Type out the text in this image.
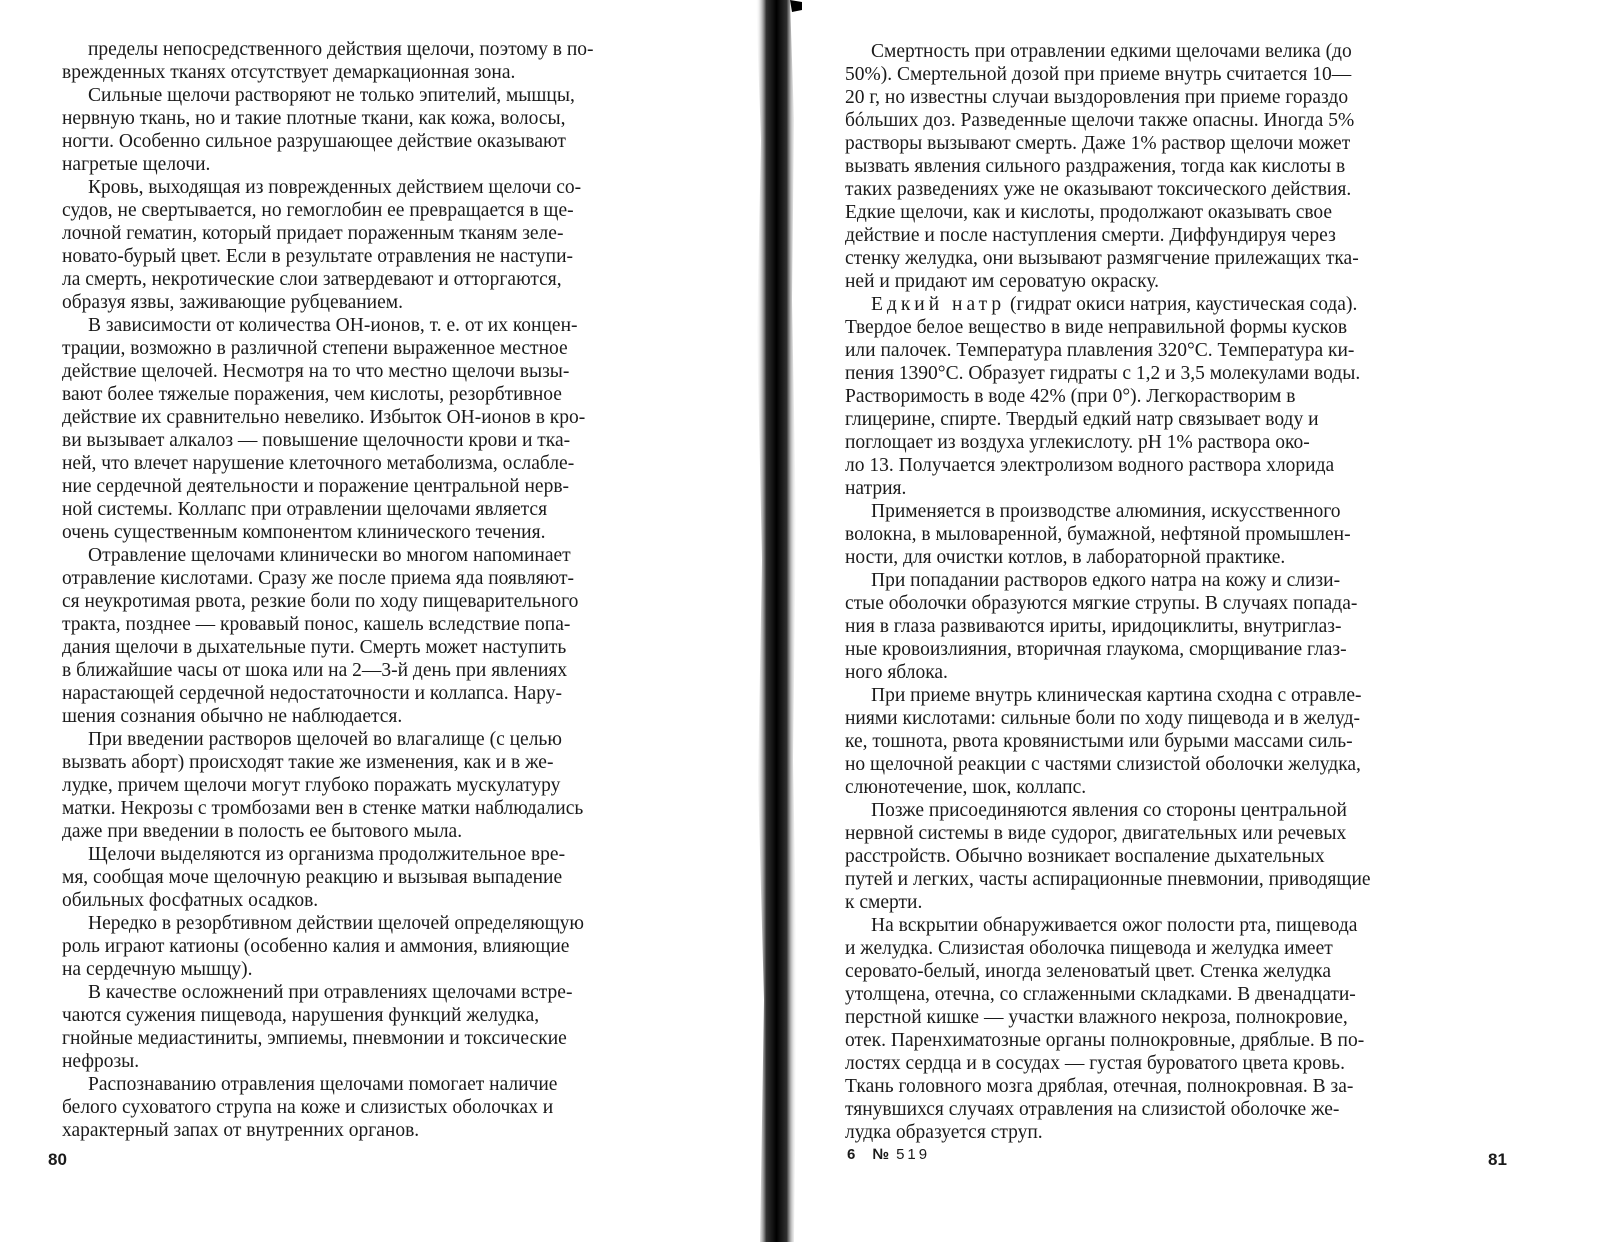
пределы непосредственного действия щелочи, поэтому в по-
врежденных тканях отсутствует демаркационная зона.

Сильные щелочи растворяют не только эпителий, мышцы,
нервную ткань, но и такие плотные ткани, как кожа, волосы,
ногти. Особенно сильное разрушающее действие оказывают
нагретые щелочи.

Кровь, выходящая из поврежденных действием щелочи со-
судов, не свертывается, но гемоглобин ее превращается в ще-
лочной гематин, который придает пораженным тканям зеле-
новато-бурый цвет. Если в результате отравления не наступи-
ла смерть, некротические слои затвердевают и отторгаются,
образуя язвы, заживающие рубцеванием.

В зависимости от количества ОН-ионов, т. е. от их концен-
трации, возможно в различной степени выраженное местное
действие щелочей. Несмотря на то что местно щелочи вызы-
вают более тяжелые поражения, чем кислоты, резорбтивное
действие их сравнительно невелико. Избыток ОН-ионов в кро-
ви вызывает алкалоз — повышение щелочности крови и тка-
ней, что влечет нарушение клеточного метаболизма, ослабле-
ние сердечной деятельности и поражение центральной нерв-
ной системы. Коллапс при отравлении щелочами является
очень существенным компонентом клинического течения.

Отравление щелочами клинически во многом напоминает
отравление кислотами. Сразу же после приема яда появляют-
ся неукротимая рвота, резкие боли по ходу пищеварительного
тракта, позднее — кровавый понос, кашель вследствие попа-
дания щелочи в дыхательные пути. Смерть может наступить
в ближайшие часы от шока или на 2—3-й день при явлениях
нарастающей сердечной недостаточности и коллапса. Нару-
шения сознания обычно не наблюдается.

При введении растворов щелочей во влагалище (с целью
вызвать аборт) происходят такие же изменения, как и в же-
лудке, причем щелочи могут глубоко поражать мускулатуру
матки. Некрозы с тромбозами вен в стенке матки наблюдались
даже при введении в полость ее бытового мыла.

Щелочи выделяются из организма продолжительное вре-
мя, сообщая моче щелочную реакцию и вызывая выпадение
обильных фосфатных осадков.

Нередко в резорбтивном действии щелочей определяющую
роль играют катионы (особенно калия и аммония, влияющие
на сердечную мышцу).

В качестве осложнений при отравлениях щелочами встре-
чаются сужения пищевода, нарушения функций желудка,
гнойные медиастиниты, эмпиемы, пневмонии и токсические
нефрозы.

Распознаванию отравления щелочами помогает наличие
белого суховатого струпа на коже и слизистых оболочках и
характерный запах от внутренних органов.

80

Смертность при отравлении едкими щелочами велика (до
50%). Смертельной дозой при приеме внутрь считается 10—
20 г, но известны случаи выздоровления при приеме гораздо
бóльших доз. Разведенные щелочи также опасны. Иногда 5%
растворы вызывают смерть. Даже 1% раствор щелочи может
вызвать явления сильного раздражения, тогда как кислоты в
таких разведениях уже не оказывают токсического действия.
Едкие щелочи, как и кислоты, продолжают оказывать свое
действие и после наступления смерти. Диффундируя через
стенку желудка, они вызывают размягчение прилежащих тка-
ней и придают им сероватую окраску.

Едкий натр (гидрат окиси натрия, каустическая сода).
Твердое белое вещество в виде неправильной формы кусков
или палочек. Температура плавления 320°С. Температура ки-
пения 1390°С. Образует гидраты с 1,2 и 3,5 молекулами воды.
Растворимость в воде 42% (при 0°). Легкорастворим в
глицерине, спирте. Твердый едкий натр связывает воду и
поглощает из воздуха углекислоту. pH 1% раствора око-
ло 13. Получается электролизом водного раствора хлорида
натрия.

Применяется в производстве алюминия, искусственного
волокна, в мыловаренной, бумажной, нефтяной промышлен-
ности, для очистки котлов, в лабораторной практике.

При попадании растворов едкого натра на кожу и слизи-
стые оболочки образуются мягкие струпы. В случаях попада-
ния в глаза развиваются ириты, иридоциклиты, внутриглаз-
ные кровоизлияния, вторичная глаукома, сморщивание глаз-
ного яблока.

При приеме внутрь клиническая картина сходна с отравле-
ниями кислотами: сильные боли по ходу пищевода и в желуд-
ке, тошнота, рвота кровянистыми или бурыми массами силь-
но щелочной реакции с частями слизистой оболочки желудка,
слюнотечение, шок, коллапс.

Позже присоединяются явления со стороны центральной
нервной системы в виде судорог, двигательных или речевых
расстройств. Обычно возникает воспаление дыхательных
путей и легких, часты аспирационные пневмонии, приводящие
к смерти.

На вскрытии обнаруживается ожог полости рта, пищевода
и желудка. Слизистая оболочка пищевода и желудка имеет
серовато-белый, иногда зеленоватый цвет. Стенка желудка
утолщена, отечна, со сглаженными складками. В двенадцати-
перстной кишке — участки влажного некроза, полнокровие,
отек. Паренхиматозные органы полнокровные, дряблые. В по-
лостях сердца и в сосудах — густая буроватого цвета кровь.
Ткань головного мозга дряблая, отечная, полнокровная. В за-
тянувшихся случаях отравления на слизистой оболочке же-
лудка образуется струп.

6 № 519	81
